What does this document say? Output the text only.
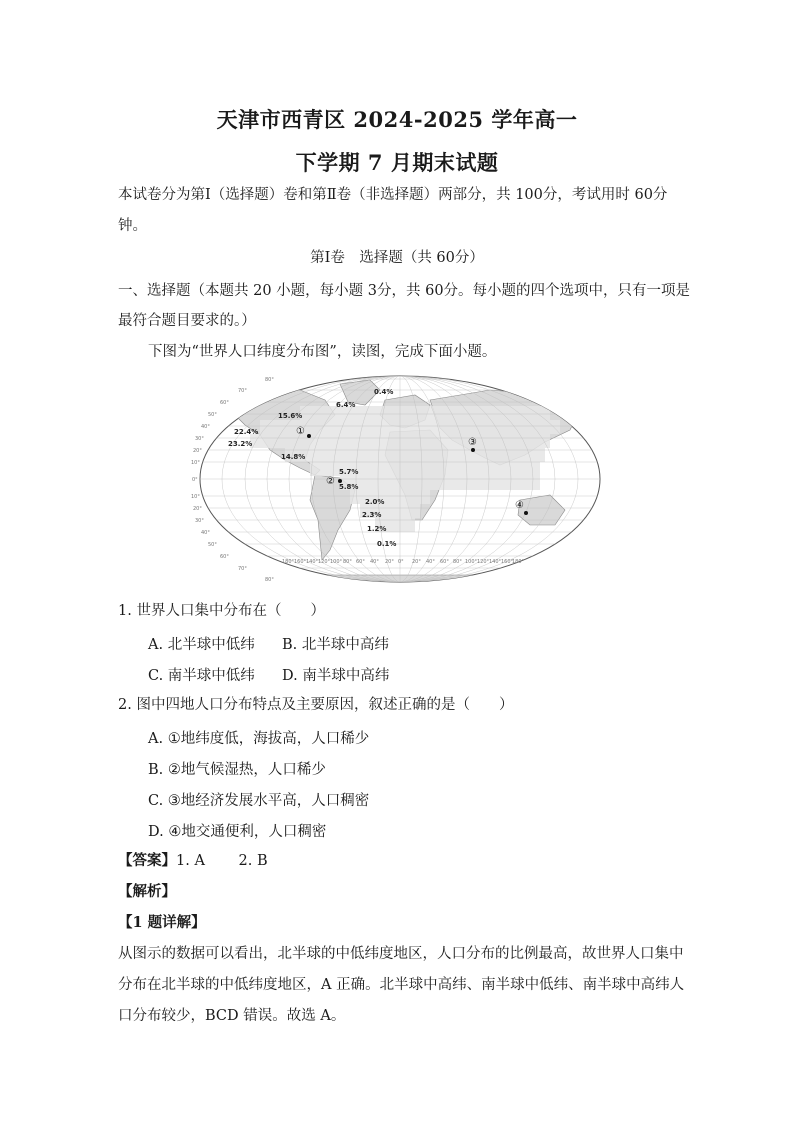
天津市西青区 2024-2025 学年高一
下学期 7 月期末试题
本试卷分为第Ⅰ（选择题）卷和第Ⅱ卷（非选择题）两部分，共 100分，考试用时 60分
钟。
第Ⅰ卷　选择题（共 60分）
一、选择题（本题共 20 小题，每小题 3分，共 60分。每小题的四个选项中，只有一项是
最符合题目要求的。）
下图为“世界人口纬度分布图”，读图，完成下面小题。
80°
70°
60°
50°
40°
30°
20°
10°
0°
10°
20°
30°
40°
50°
60°
70°
80°
180° 160° 140° 120° 100° 80° 60° 40° 20° 0° 20° 40° 60° 80° 100° 120° 140° 160°
180°
0.4%
6.4%
15.6%
22.4%
23.2%
14.8%
5.7%
5.8%
2.0%
2.3%
1.2%
0.1%
①
②
③
④
1. 世界人口集中分布在（　　）
A. 北半球中低纬 B. 北半球中高纬
C. 南半球中低纬 D. 南半球中高纬
2. 图中四地人口分布特点及主要原因，叙述正确的是（　　）
A. ①地纬度低，海拔高，人口稀少
B. ②地气候湿热，人口稀少
C. ③地经济发展水平高，人口稠密
D. ④地交通便利，人口稠密
【答案】1. A　　 2. B
【解析】
【1 题详解】
从图示的数据可以看出，北半球的中低纬度地区，人口分布的比例最高，故世界人口集中
分布在北半球的中低纬度地区，A 正确。北半球中高纬、南半球中低纬、南半球中高纬人
口分布较少，BCD 错误。故选 A。
